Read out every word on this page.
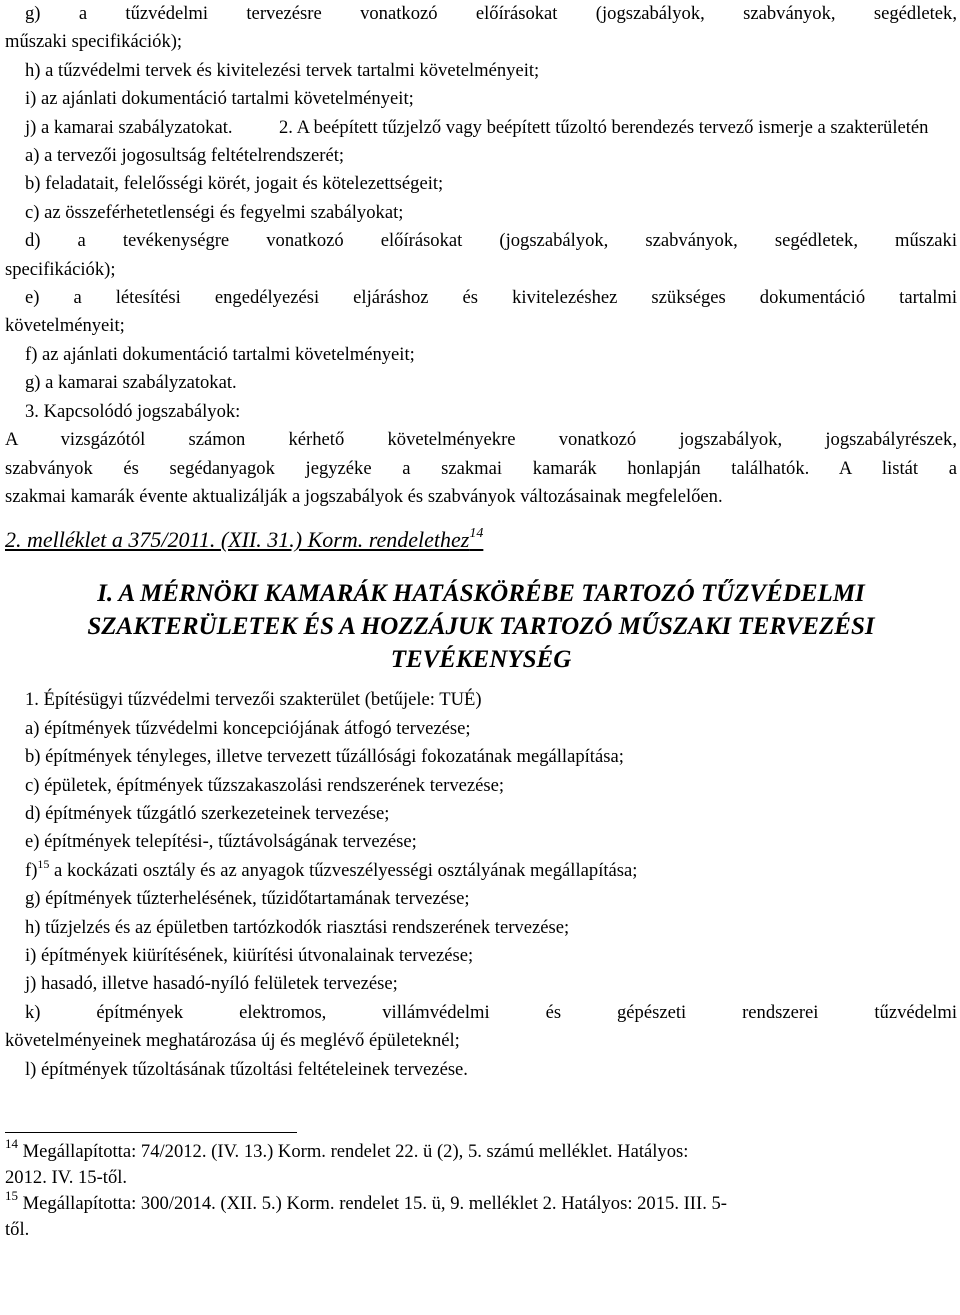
g) a tűzvédelmi tervezésre vonatkozó előírásokat (jogszabályok, szabványok, segédletek,

műszaki specifikációk);

h) a tűzvédelmi tervek és kivitelezési tervek tartalmi követelményeit;

i) az ajánlati dokumentáció tartalmi követelményeit;

j) a kamarai szabályzatokat.	2. A beépített tűzjelző vagy beépített tűzoltó berendezés tervező ismerje a szakterületén

a) a tervezői jogosultság feltételrendszerét;

b) feladatait, felelősségi körét, jogait és kötelezettségeit;

c) az összeférhetetlenségi és fegyelmi szabályokat;

d) a tevékenységre vonatkozó előírásokat (jogszabályok, szabványok, segédletek, műszaki

specifikációk);

e) a létesítési engedélyezési eljáráshoz és kivitelezéshez szükséges dokumentáció tartalmi

követelményeit;

f) az ajánlati dokumentáció tartalmi követelményeit;

g) a kamarai szabályzatokat.

3. Kapcsolódó jogszabályok:

A vizsgázótól számon kérhető követelményekre vonatkozó jogszabályok, jogszabályrészek,

szabványok és segédanyagok jegyzéke a szakmai kamarák honlapján találhatók. A listát a

szakmai kamarák évente aktualizálják a jogszabályok és szabványok változásainak megfelelően.

2. melléklet a 375/2011. (XII. 31.) Korm. rendelethez$^{14}$

I. A MÉRNÖKI KAMARÁK HATÁSKÖRÉBE TARTOZÓ TŰZVÉDELMI
SZAKTERÜLETEK ÉS A HOZZÁJUK TARTOZÓ MŰSZAKI TERVEZÉSI
TEVÉKENYSÉG

1. Építésügyi tűzvédelmi tervezői szakterület (betűjele: TUÉ)

a) építmények tűzvédelmi koncepciójának átfogó tervezése;

b) építmények tényleges, illetve tervezett tűzállósági fokozatának megállapítása;

c) épületek, építmények tűzszakaszolási rendszerének tervezése;

d) építmények tűzgátló szerkezeteinek tervezése;

e) építmények telepítési-, tűztávolságának tervezése;

f)$^{15}$ a kockázati osztály és az anyagok tűzveszélyességi osztályának megállapítása;

g) építmények tűzterhelésének, tűzidőtartamának tervezése;

h) tűzjelzés és az épületben tartózkodók riasztási rendszerének tervezése;

i) építmények kiürítésének, kiürítési útvonalainak tervezése;

j) hasadó, illetve hasadó-nyíló felületek tervezése;

k) építmények elektromos, villámvédelmi és gépészeti rendszerei tűzvédelmi

követelményeinek meghatározása új és meglévő épületeknél;

l) építmények tűzoltásának tűzoltási feltételeinek tervezése.

$^{14}$ Megállapította: 74/2012. (IV. 13.) Korm. rendelet 22. ü (2), 5. számú melléklet. Hatályos:

2012. IV. 15-től.

$^{15}$ Megállapította: 300/2014. (XII. 5.) Korm. rendelet 15. ü, 9. melléklet 2. Hatályos: 2015. III. 5-

től.
